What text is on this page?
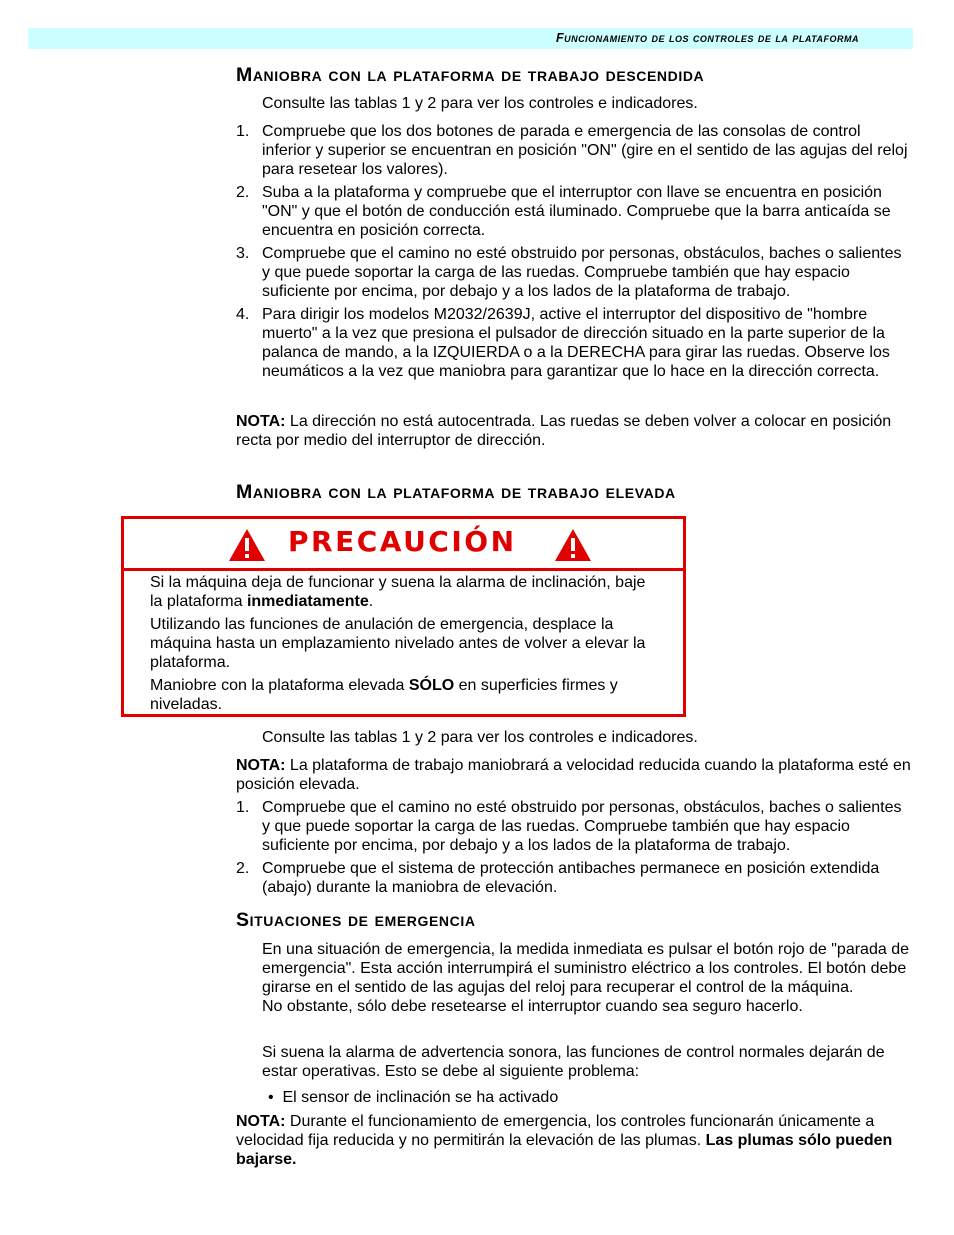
Funcionamiento de los controles de la plataforma
Maniobra con la plataforma de trabajo descendida
Consulte las tablas 1 y 2 para ver los controles e indicadores.
1. Compruebe que los dos botones de parada e emergencia de las consolas de control inferior y superior se encuentran en posición "ON" (gire en el sentido de las agujas del reloj para resetear los valores).
2. Suba a la plataforma y compruebe que el interruptor con llave se encuentra en posición "ON" y que el botón de conducción está iluminado. Compruebe que la barra anticaída se encuentra en posición correcta.
3. Compruebe que el camino no esté obstruido por personas, obstáculos, baches o salientes y que puede soportar la carga de las ruedas. Compruebe también que hay espacio suficiente por encima, por debajo y a los lados de la plataforma de trabajo.
4. Para dirigir los modelos M2032/2639J, active el interruptor del dispositivo de "hombre muerto" a la vez que presiona el pulsador de dirección situado en la parte superior de la palanca de mando, a la IZQUIERDA o a la DERECHA para girar las ruedas. Observe los neumáticos a la vez que maniobra para garantizar que lo hace en la dirección correcta.
NOTA: La dirección no está autocentrada. Las ruedas se deben volver a colocar en posición recta por medio del interruptor de dirección.
Maniobra con la plataforma de trabajo elevada
PRECAUCIÓN

Si la máquina deja de funcionar y suena la alarma de inclinación, baje la plataforma inmediatamente.

Utilizando las funciones de anulación de emergencia, desplace la máquina hasta un emplazamiento nivelado antes de volver a elevar la plataforma.

Maniobre con la plataforma elevada SÓLO en superficies firmes y niveladas.

Consulte las tablas 1 y 2 para ver los controles e indicadores.
NOTA: La plataforma de trabajo maniobrará a velocidad reducida cuando la plataforma esté en posición elevada.
1. Compruebe que el camino no esté obstruido por personas, obstáculos, baches o salientes y que puede soportar la carga de las ruedas. Compruebe también que hay espacio suficiente por encima, por debajo y a los lados de la plataforma de trabajo.
2. Compruebe que el sistema de protección antibaches permanece en posición extendida (abajo) durante la maniobra de elevación.
Situaciones de emergencia
En una situación de emergencia, la medida inmediata es pulsar el botón rojo de "parada de emergencia". Esta acción interrumpirá el suministro eléctrico a los controles. El botón debe girarse en el sentido de las agujas del reloj para recuperar el control de la máquina.
No obstante, sólo debe resetearse el interruptor cuando sea seguro hacerlo.
Si suena la alarma de advertencia sonora, las funciones de control normales dejarán de estar operativas. Esto se debe al siguiente problema:
•  El sensor de inclinación se ha activado
NOTA: Durante el funcionamiento de emergencia, los controles funcionarán únicamente a velocidad fija reducida y no permitirán la elevación de las plumas. Las plumas sólo pueden bajarse.
